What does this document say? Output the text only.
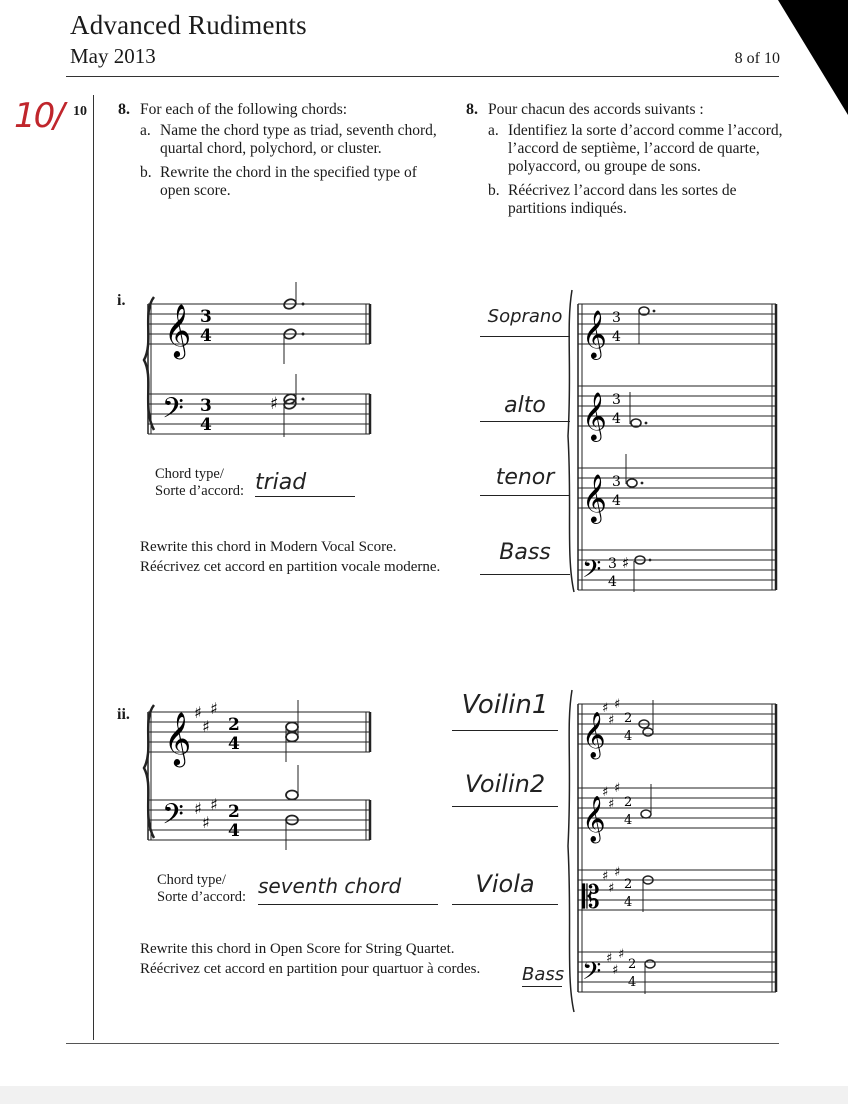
Advanced Rudiments
May 2013	8 of 10
10/ 10 8. For each of the following chords:
a. Name the chord type as triad, seventh chord, quartal chord, polychord, or cluster.
b. Rewrite the chord in the specified type of open score.
8. Pour chacun des accords suivants :
a. Identifiez la sorte d’accord comme l’accord, l’accord de septième, l’accord de quarte, polyaccord, ou groupe de sons.
b. Réécrivez l’accord dans les sortes de partitions indiqués.
i.
𝄞 3
4
𝄢 3
4
♯
Chord type/
Sorte d’accord: triad
Rewrite this chord in Modern Vocal Score.
Réécrivez cet accord en partition vocale moderne.
Soprano
alto
tenor
Bass
𝄞 3
4
𝄞 3
4
𝄞 3
4
𝄢 3
4
♯
ii. 𝄞 ♯
♯
♯
2
4
𝄢 ♯
♯
♯ 2
4
Chord type/
Sorte d’accord: seventh chord
Rewrite this chord in Open Score for String Quartet.
Réécrivez cet accord en partition pour quartuor à cordes.
Voilin1
Voilin2
Viola
Bass
𝄞
♯
♯
♯
2
4
𝄞
♯
♯
♯
2
4
𝄡
♯
♯
♯
2
4
𝄢 ♯
♯
♯
2
4
